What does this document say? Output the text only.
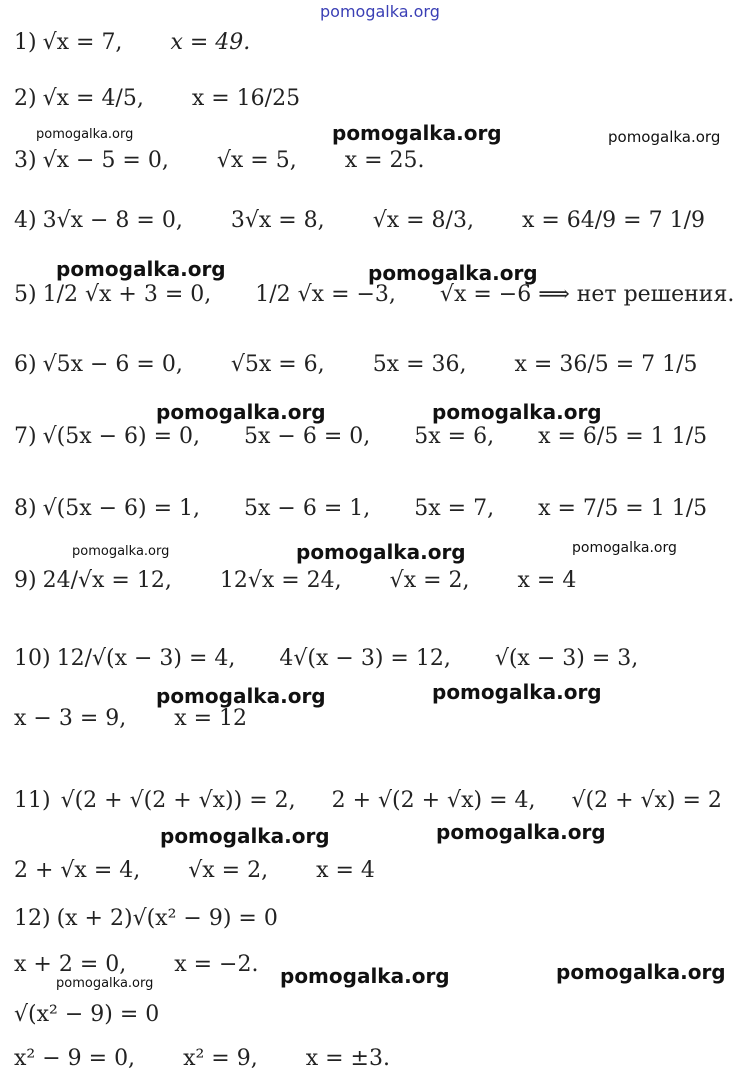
pomogalka.org
pomogalka.org	pomogalka.org	pomogalka.org
pomogalka.org	pomogalka.org
pomogalka.org	pomogalka.org
pomogalka.org	pomogalka.org	pomogalka.org
pomogalka.org	pomogalka.org
pomogalka.org	pomogalka.org
pomogalka.org	pomogalka.org
pomogalka.org
1) √x = 7, x = 49.
2) √x = 4/5, x = 16/25
3) √x − 5 = 0, √x = 5, x = 25.
4) 3√x − 8 = 0, 3√x = 8, √x = 8/3, x = 64/9 = 7 1/9
5) 1/2 √x + 3 = 0, 1/2 √x = −3, √x = −6 ⟹ нет решения.
6) √5x − 6 = 0, √5x = 6, 5x = 36, x = 36/5 = 7 1/5
7) √(5x − 6) = 0, 5x − 6 = 0, 5x = 6, x = 6/5 = 1 1/5
8) √(5x − 6) = 1, 5x − 6 = 1, 5x = 7, x = 7/5 = 1 1/5
9) 24/√x = 12, 12√x = 24, √x = 2, x = 4
10) 12/√(x − 3) = 4, 4√(x − 3) = 12, √(x − 3) = 3,
x − 3 = 9, x = 12
11) √(2 + √(2 + √x)) = 2, 2 + √(2 + √x) = 4, √(2 + √x) = 2
2 + √x = 4, √x = 2, x = 4
12) (x + 2)√(x² − 9) = 0
x + 2 = 0, x = −2.
√(x² − 9) = 0
x² − 9 = 0, x² = 9, x = ±3.
